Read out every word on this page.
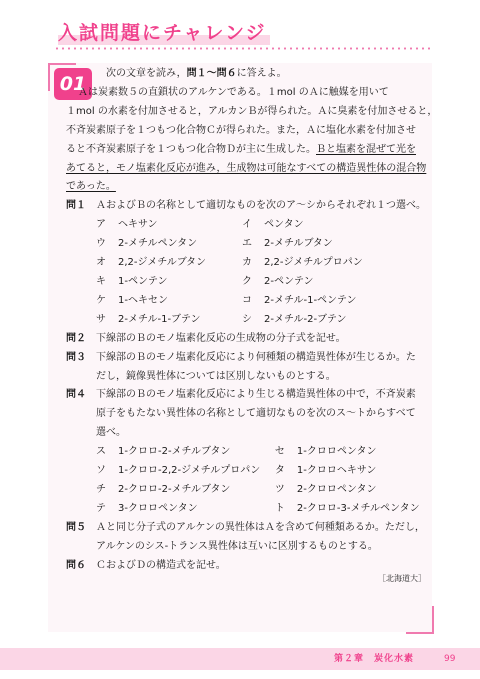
入試問題にチャレンジ
01	次の文章を読み，問１～問６に答えよ。

Ａは炭素数５の直鎖状のアルケンである。１mol のＡに触媒を用いて

１mol の水素を付加させると，アルカンＢが得られた。Ａに臭素を付加させると，

不斉炭素原子を１つもつ化合物Ｃが得られた。また，Ａに塩化水素を付加させ

ると不斉炭素原子を１つもつ化合物Ｄが主に生成した。Ｂと塩素を混ぜて光を

あてると，モノ塩素化反応が進み，生成物は可能なすべての構造異性体の混合物

であった。

問１	ＡおよびＢの名称として適切なものを次のア～シからそれぞれ１つ選べ。
ア	ヘキサン	イ	ペンタン
ウ	2-メチルペンタン	エ	2-メチルブタン
オ	2,2-ジメチルブタン	カ	2,2-ジメチルプロパン
キ	1-ペンテン	ク	2-ペンテン
ケ	1-ヘキセン	コ	2-メチル-1-ペンテン
サ	2-メチル-1-ブテン	シ	2-メチル-2-ブテン
問２	下線部のＢのモノ塩素化反応の生成物の分子式を記せ。
問３	下線部のＢのモノ塩素化反応により何種類の構造異性体が生じるか。た

だし，鏡像異性体については区別しないものとする。

問４	下線部のＢのモノ塩素化反応により生じる構造異性体の中で，不斉炭素

原子をもたない異性体の名称として適切なものを次のス～トからすべて

選べ。

ス	1-クロロ-2-メチルブタン	セ	1-クロロペンタン
ソ	1-クロロ-2,2-ジメチルプロパン タ	1-クロロヘキサン
チ	2-クロロ-2-メチルブタン	ツ	2-クロロペンタン
テ	3-クロロペンタン	ト	2-クロロ-3-メチルペンタン
問５	Ａと同じ分子式のアルケンの異性体はＡを含めて何種類あるか。ただし，

アルケンのシス-トランス異性体は互いに区別するものとする。

問６	ＣおよびＤの構造式を記せ。
［北海道大］
第２章　炭化水素	99
